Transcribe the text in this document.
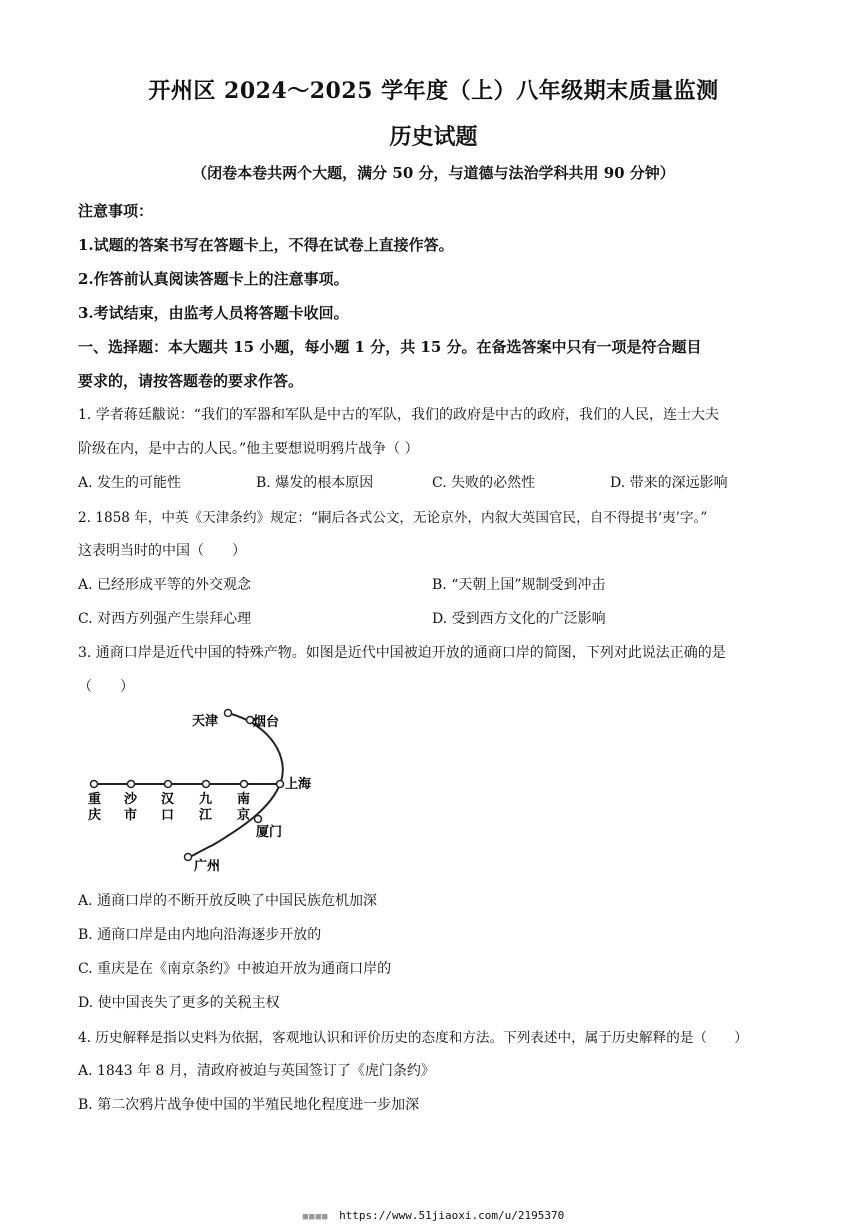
开州区 2024～2025 学年度（上）八年级期末质量监测
历史试题
（闭卷本卷共两个大题，满分 50 分，与道德与法治学科共用 90 分钟）
注意事项：
1.试题的答案书写在答题卡上，不得在试卷上直接作答。
2.作答前认真阅读答题卡上的注意事项。
3.考试结束，由监考人员将答题卡收回。
一、选择题：本大题共 15 小题，每小题 1 分，共 15 分。在备选答案中只有一项是符合题目
要求的，请按答题卷的要求作答。
1. 学者蒋廷黻说：“我们的军器和军队是中古的军队，我们的政府是中古的政府，我们的人民，连士大夫
阶级在内，是中古的人民。”他主要想说明鸦片战争（ ）
A. 发生的可能性	B. 爆发的根本原因	C. 失败的必然性	D. 带来的深远影响
2. 1858 年，中英《天津条约》规定：“嗣后各式公文，无论京外，内叙大英国官民，自不得提书‘夷’字。”
这表明当时的中国（　　）
A. 已经形成平等的外交观念	B. “天朝上国”规制受到冲击
C. 对西方列强产生崇拜心理	D. 受到西方文化的广泛影响
3. 通商口岸是近代中国的特殊产物。如图是近代中国被迫开放的通商口岸的简图，下列对此说法正确的是
（　　）
天津	烟台
上海
重
庆
沙
市
汉
口
九
江
南
京
厦门
广州
A. 通商口岸的不断开放反映了中国民族危机加深
B. 通商口岸是由内地向沿海逐步开放的
C. 重庆是在《南京条约》中被迫开放为通商口岸的
D. 使中国丧失了更多的关税主权
4. 历史解释是指以史料为依据，客观地认识和评价历史的态度和方法。下列表述中，属于历史解释的是（　　）
A. 1843 年 8 月，清政府被迫与英国签订了《虎门条约》
B. 第二次鸦片战争使中国的半殖民地化程度进一步加深
■■■■ https://www.51jiaoxi.com/u/2195370
